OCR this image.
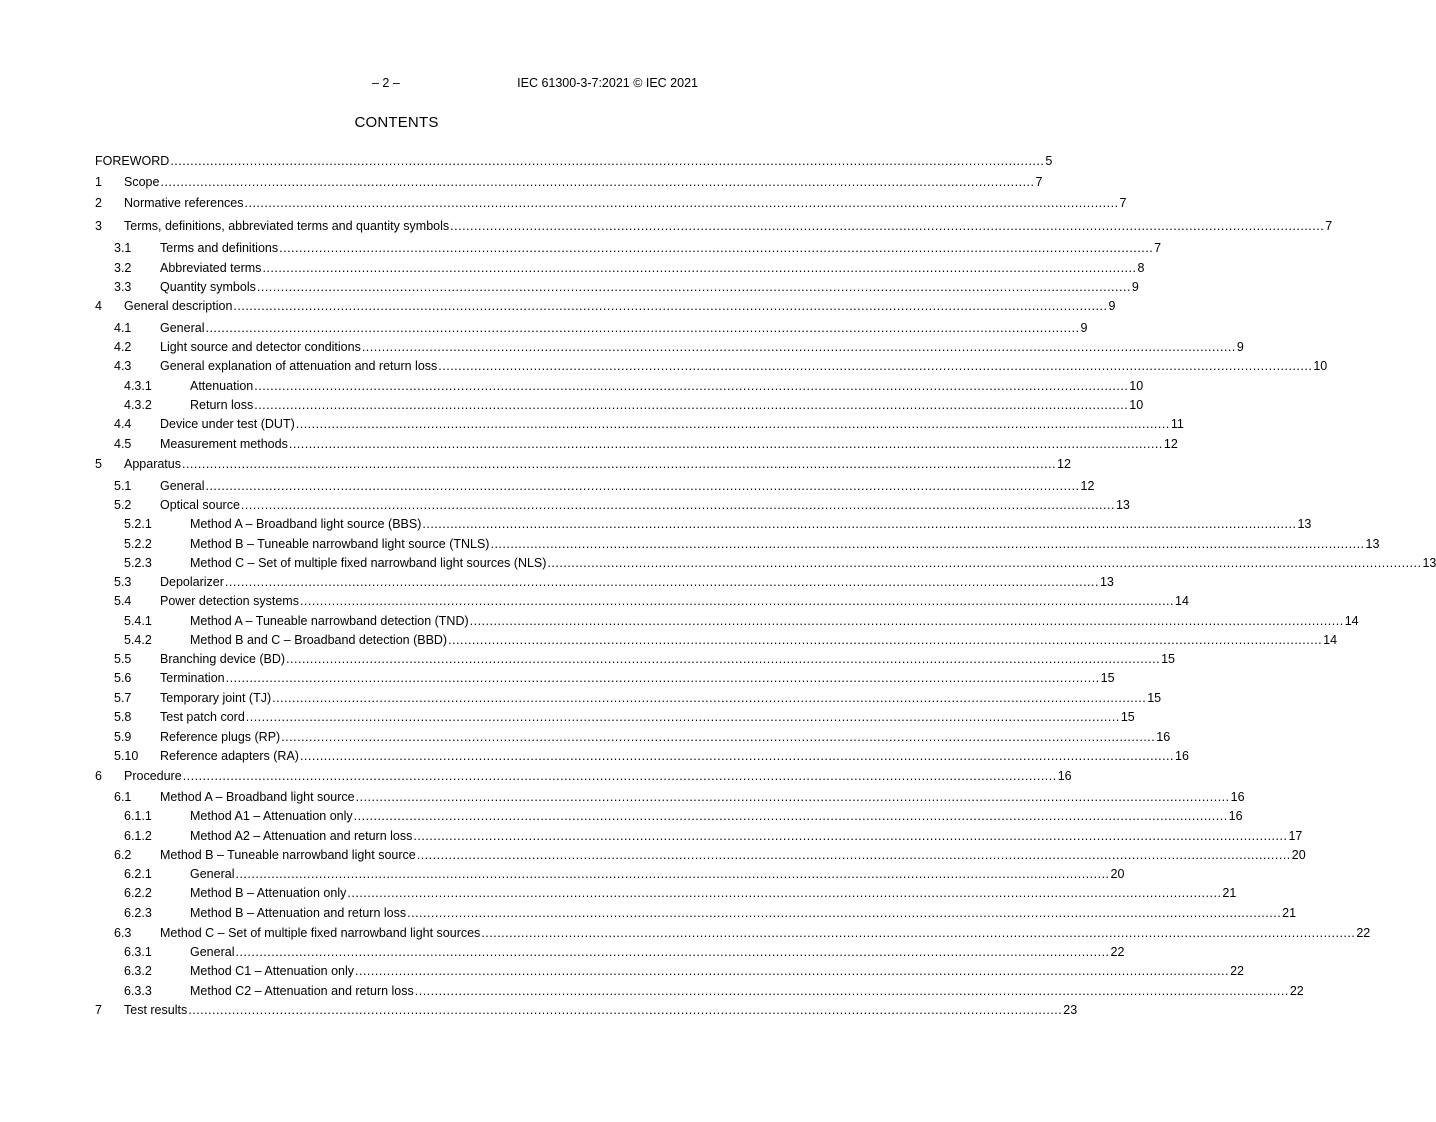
– 2 –	IEC 61300-3-7:2021 © IEC 2021
CONTENTS
FOREWORD ............................................................................................................................................................................................................................ 5
1 Scope ............................................................................................................................................................................................................................ 7
2 Normative references ............................................................................................................................................................................................................................ 7
3 Terms, definitions, abbreviated terms and quantity symbols ............................................................................................................................................................................................................................ 7
3.1 Terms and definitions ............................................................................................................................................................................................................................ 7
3.2 Abbreviated terms ............................................................................................................................................................................................................................ 8
3.3 Quantity symbols ............................................................................................................................................................................................................................ 9
4 General description ............................................................................................................................................................................................................................ 9
4.1 General ............................................................................................................................................................................................................................ 9
4.2 Light source and detector conditions ............................................................................................................................................................................................................................ 9
4.3 General explanation of attenuation and return loss ............................................................................................................................................................................................................................ 10
4.3.1	Attenuation ............................................................................................................................................................................................................................ 10
4.3.2	Return loss ............................................................................................................................................................................................................................ 10
4.4 Device under test (DUT) ............................................................................................................................................................................................................................ 11
4.5 Measurement methods ............................................................................................................................................................................................................................ 12
5 Apparatus ............................................................................................................................................................................................................................ 12
5.1 General ............................................................................................................................................................................................................................ 12
5.2 Optical source ............................................................................................................................................................................................................................ 13
5.2.1	Method A – Broadband light source (BBS) ............................................................................................................................................................................................................................ 13
5.2.2	Method B – Tuneable narrowband light source (TNLS) ............................................................................................................................................................................................................................ 13
5.2.3	Method C – Set of multiple fixed narrowband light sources (NLS) ............................................................................................................................................................................................................................ 13
5.3 Depolarizer ............................................................................................................................................................................................................................ 13
5.4 Power detection systems ............................................................................................................................................................................................................................ 14
5.4.1	Method A – Tuneable narrowband detection (TND) ............................................................................................................................................................................................................................ 14
5.4.2	Method B and C – Broadband detection (BBD) ............................................................................................................................................................................................................................ 14
5.5 Branching device (BD) ............................................................................................................................................................................................................................ 15
5.6 Termination ............................................................................................................................................................................................................................ 15
5.7 Temporary joint (TJ) ............................................................................................................................................................................................................................ 15
5.8 Test patch cord ............................................................................................................................................................................................................................ 15
5.9 Reference plugs (RP) ............................................................................................................................................................................................................................ 16
5.10 Reference adapters (RA) ............................................................................................................................................................................................................................ 16
6 Procedure ............................................................................................................................................................................................................................ 16
6.1 Method A – Broadband light source ............................................................................................................................................................................................................................ 16
6.1.1	Method A1 – Attenuation only ............................................................................................................................................................................................................................ 16
6.1.2	Method A2 – Attenuation and return loss ............................................................................................................................................................................................................................ 17
6.2 Method B – Tuneable narrowband light source ............................................................................................................................................................................................................................ 20
6.2.1	General ............................................................................................................................................................................................................................ 20
6.2.2	Method B – Attenuation only ............................................................................................................................................................................................................................ 21
6.2.3	Method B – Attenuation and return loss ............................................................................................................................................................................................................................ 21
6.3 Method C – Set of multiple fixed narrowband light sources ............................................................................................................................................................................................................................ 22
6.3.1	General ............................................................................................................................................................................................................................ 22
6.3.2	Method C1 – Attenuation only ............................................................................................................................................................................................................................ 22
6.3.3	Method C2 – Attenuation and return loss ............................................................................................................................................................................................................................ 22
7 Test results ............................................................................................................................................................................................................................ 23
